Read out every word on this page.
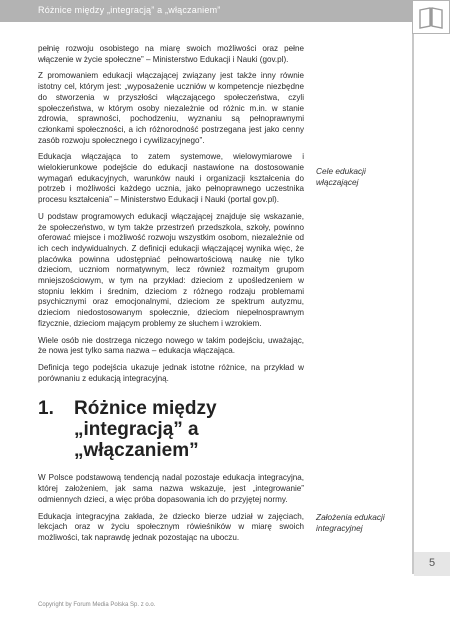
Różnice między „integracją” a „włączaniem”

pełnię rozwoju osobistego na miarę swoich możliwości oraz pełne włączenie w życie społeczne” – Ministerstwo Edukacji i Nauki (gov.pl).

Z promowaniem edukacji włączającej związany jest także inny równie istotny cel, którym jest: „wyposażenie uczniów w kompetencje niezbędne do stworzenia w przyszłości włączającego społeczeństwa, czyli społeczeństwa, w którym osoby niezależnie od różnic m.in. w stanie zdrowia, sprawności, pochodzeniu, wyznaniu są pełnoprawnymi członkami społeczności, a ich różnorodność postrzegana jest jako cenny zasób rozwoju społecznego i cywilizacyjnego”.

Edukacja włączająca to zatem systemowe, wielowymiarowe i wielokierunkowe podejście do edukacji nastawione na dostosowanie wymagań edukacyjnych, warunków nauki i organizacji kształcenia do potrzeb i możliwości każdego ucznia, jako pełnoprawnego uczestnika procesu kształcenia” – Ministerstwo Edukacji i Nauki (portal gov.pl).

U podstaw programowych edukacji włączającej znajduje się wskazanie, że społeczeństwo, w tym także przestrzeń przedszkola, szkoły, powinno oferować miejsce i możliwość rozwoju wszystkim osobom, niezależnie od ich cech indywidualnych. Z definicji edukacji włączającej wynika więc, że placówka powinna udostępniać pełnowartościową naukę nie tylko dzieciom, uczniom normatywnym, lecz również rozmaitym grupom mniejszościowym, w tym na przykład: dzieciom z upośledzeniem w stopniu lekkim i średnim, dzieciom z różnego rodzaju problemami psychicznymi oraz emocjonalnymi, dzieciom ze spektrum autyzmu, dzieciom niedostosowanym społecznie, dzieciom niepełnosprawnym fizycznie, dzieciom mającym problemy ze słuchem i wzrokiem.

Wiele osób nie dostrzega niczego nowego w takim podejściu, uważając, że nowa jest tylko sama nazwa – edukacja włączająca.

Definicja tego podejścia ukazuje jednak istotne różnice, na przykład w porównaniu z edukacją integracyjną.

1.	Różnice między „integracją” a „włączaniem”

W Polsce podstawową tendencją nadal pozostaje edukacja integracyjna, której założeniem, jak sama nazwa wskazuje, jest „integrowanie” odmiennych dzieci, a więc próba dopasowania ich do przyjętej normy.

Edukacja integracyjna zakłada, że dziecko bierze udział w zajęciach, lekcjach oraz w życiu społecznym rówieśników w miarę swoich możliwości, tak naprawdę jednak pozostając na uboczu.

Cele edukacji włączającej
Założenia edukacji integracyjnej
5
Copyright by Forum Media Polska Sp. z o.o.
